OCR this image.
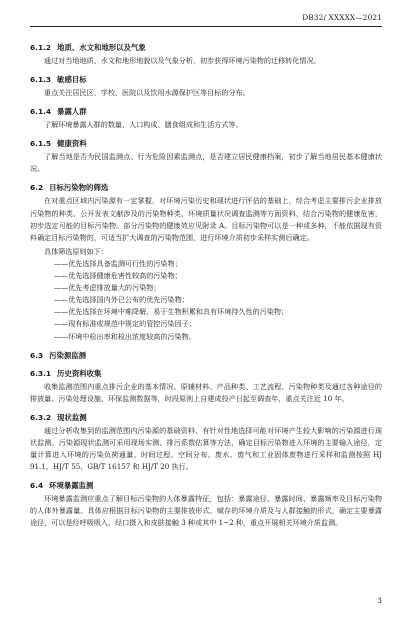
DB32/ XXXXX—2021
6.1.2 地质、水文和地形以及气象

通过对当地地质、水文和地形地貌以及气象分析，初步获得环境污染物的迁移转化情况。

6.1.3 敏感目标

重点关注居民区、学校、医院以及饮用水源保护区等目标的分布。

6.1.4 暴露人群

了解环境暴露人群的数量、人口构成、膳食组成和生活方式等。

6.1.5 健康资料

了解当地是否为民国监测点、行为危险因素监测点，是否建立居民健康档案，初步了解当地居民基本健康状况。

6.2 目标污染物的筛选

在对重点区域内污染源有一定掌握、对环境污染历史和现状进行评估的基础上，综合考虑主要排污企业排放污染物的种类、公开发表文献涉及的污染物种类、环境质量状况调查监测等方面资料，结合污染物的健康危害，初步选定可能的目标污染物。部分污染物的健康效应见附录 A。目标污染物可以是一种或多种，不能依据现有资料确定目标污染物的，可适当扩大调查的污染物范围，进行环境介质初步采样实测后确定。

具体筛选原则如下：

——优先选择具备监测可行性的污染物；
——优先选择健康危害性较高的污染物；
——优先考虑排放量大的污染物；
——优先选择国内外已公布的优先污染物；
——优先选择在环境中难降解，易于生物积累和具有环境持久性的污染物；
——现有标准或规范中规定的管控污染因子；
——环境中检出率和检出浓度较高的污染物。
6.3 污染源监测
6.3.1 历史资料收集

收集监测范围内重点排污企业的基本情况、原辅材料、产品种类、工艺流程、污染物种类及通过各种途径的排放量、污染处理设施、环保监测数据等，时段原则上自建成投产日起至调查年，重点关注近 10 年。

6.3.2 现状监测

通过分析收集到的监测范围内污染源的基础资料，有针对性地选择可能对环境产生较大影响的污染源进行现状监测。污染源现状监测可采用现场实测、排污系数估算等方法，确定目标污染物进入环境的主要输入途径，定量计算进入环境的污染负荷通量、时间过程、空间分布。废水、废气和工业固体废物进行采样和监测按照 HJ 91.1、HJ/T 55、GB/T 16157 和 HJ/T 20 执行。

6.4 环境暴露监测

环境暴露监测应重点了解目标污染物的人体暴露特征，包括：暴露途径、暴露时间、暴露频率及目标污染物的人体外暴露量。具体应根据目标污染物的主要排放形式、赋存的环境介质及与人群接触的形式，确定主要暴露途径，可以是经呼吸吸入、经口摄入和皮肤接触 3 种或其中 1~2 种，重点开展相关环境介质监测。

3
